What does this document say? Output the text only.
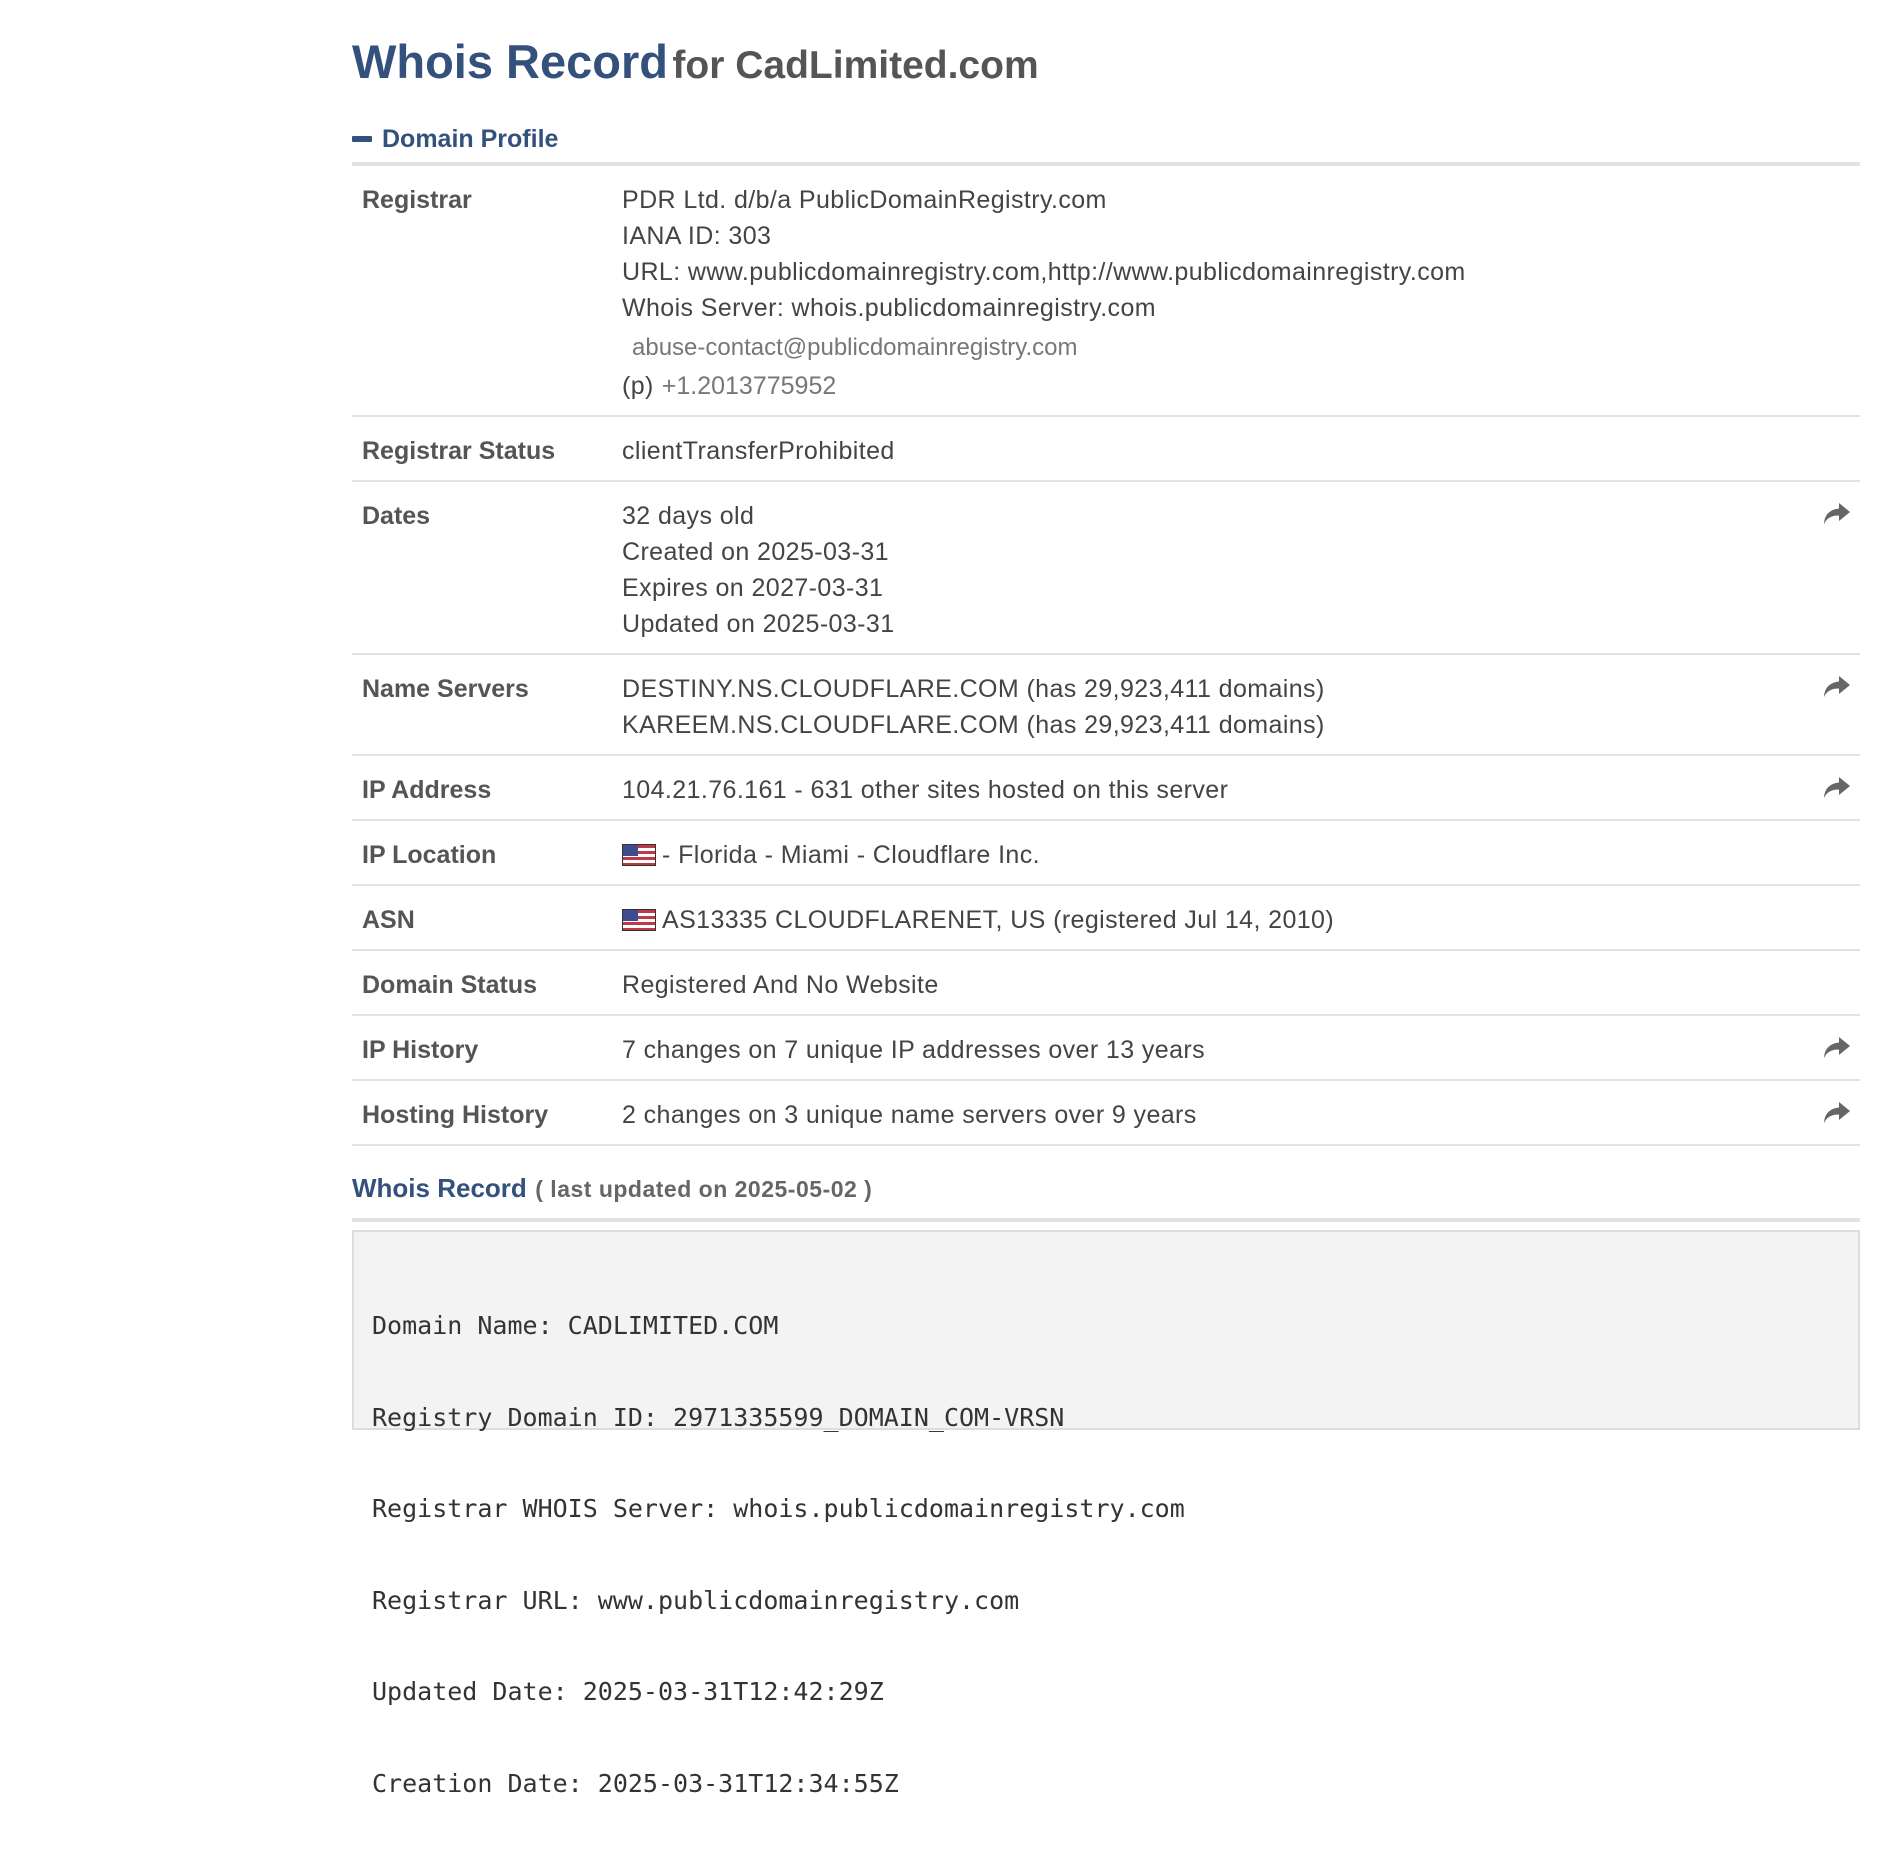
Whois Record for CadLimited.com
Domain Profile
Registrar	PDR Ltd. d/b/a PublicDomainRegistry.com
IANA ID: 303
URL: www.publicdomainregistry.com,http://www.publicdomainregistry.com
Whois Server: whois.publicdomainregistry.com
abuse-contact@publicdomainregistry.com
(p) +1.2013775952
Registrar Status	clientTransferProhibited
Dates	32 days old
Created on 2025-03-31
Expires on 2027-03-31
Updated on 2025-03-31
Name Servers	DESTINY.NS.CLOUDFLARE.COM (has 29,923,411 domains)
KAREEM.NS.CLOUDFLARE.COM (has 29,923,411 domains)
IP Address	104.21.76.161 - 631 other sites hosted on this server
IP Location	- Florida - Miami - Cloudflare Inc.
ASN	AS13335 CLOUDFLARENET, US (registered Jul 14, 2010)
Domain Status	Registered And No Website
IP History	7 changes on 7 unique IP addresses over 13 years
Hosting History	2 changes on 3 unique name servers over 9 years
Whois Record ( last updated on 2025-05-02 )

Domain Name: CADLIMITED.COM

Registry Domain ID: 2971335599_DOMAIN_COM-VRSN

Registrar WHOIS Server: whois.publicdomainregistry.com

Registrar URL: www.publicdomainregistry.com

Updated Date: 2025-03-31T12:42:29Z

Creation Date: 2025-03-31T12:34:55Z
